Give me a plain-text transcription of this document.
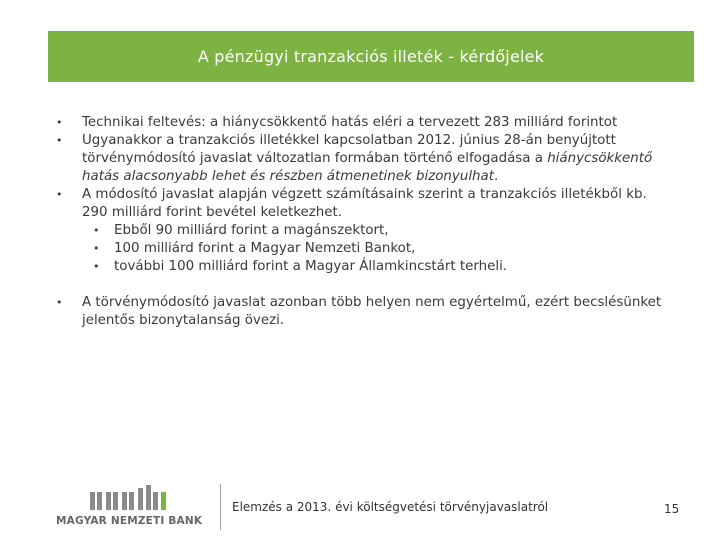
A pénzügyi tranzakciós illeték - kérdőjelek
• Technikai feltevés: a hiánycsökkentő hatás eléri a tervezett 283 milliárd forintot
• Ugyanakkor a tranzakciós illetékkel kapcsolatban 2012. június 28-án benyújtott törvénymódosító javaslat változatlan formában történő elfogadása a hiánycsökkentő hatás alacsonyabb lehet és részben átmenetinek bizonyulhat.
• A módosító javaslat alapján végzett számításaink szerint a tranzakciós illetékből kb. 290 milliárd forint bevétel keletkezhet.
• Ebből 90 milliárd forint a magánszektort,
• 100 milliárd forint a Magyar Nemzeti Bankot,
• további 100 milliárd forint a Magyar Államkincstárt terheli.
• A törvénymódosító javaslat azonban több helyen nem egyértelmű, ezért becslésünket jelentős bizonytalanság övezi.
MAGYAR NEMZETI BANK
Elemzés a 2013. évi költségvetési törvényjavaslatról	15
